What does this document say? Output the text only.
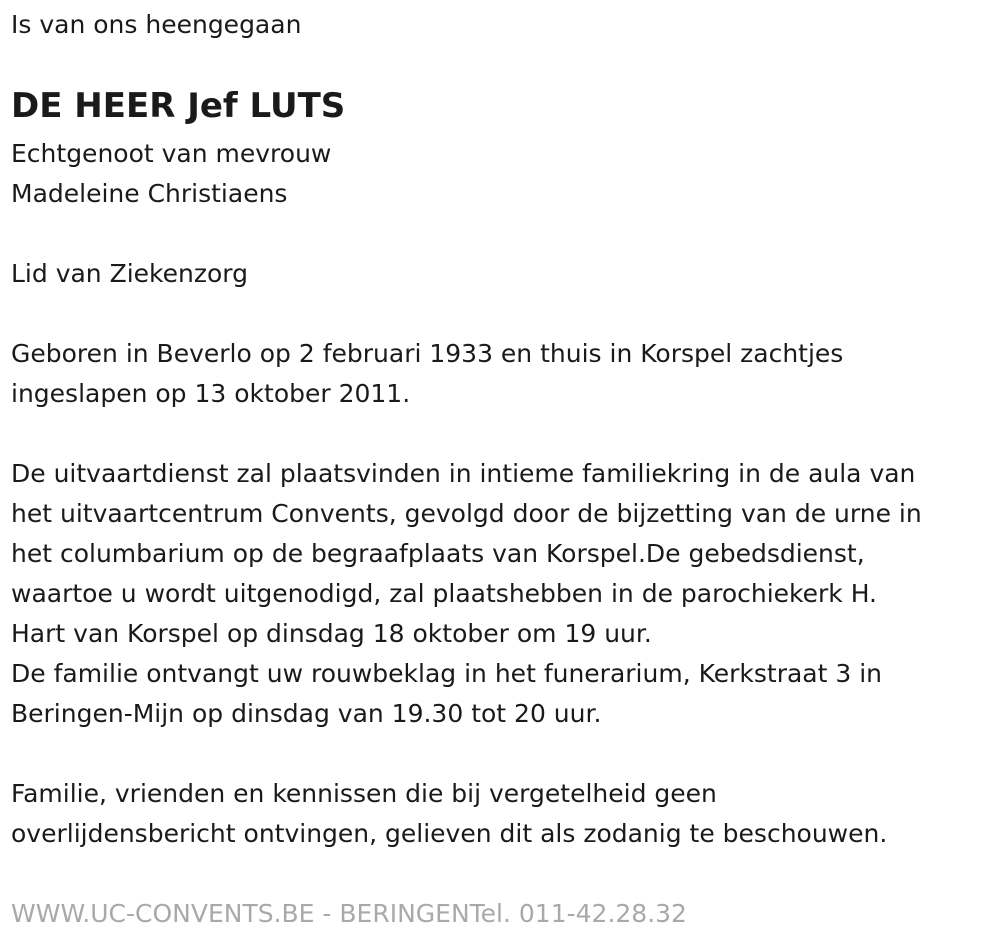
Is van ons heengegaan

DE HEER Jef LUTS

Echtgenoot van mevrouw

Madeleine Christiaens

Lid van Ziekenzorg

Geboren in Beverlo op 2 februari 1933 en thuis in Korspel zachtjes

ingeslapen op 13 oktober 2011.

De uitvaartdienst zal plaatsvinden in intieme familiekring in de aula van

het uitvaartcentrum Convents, gevolgd door de bijzetting van de urne in

het columbarium op de begraafplaats van Korspel.De gebedsdienst,

waartoe u wordt uitgenodigd, zal plaatshebben in de parochiekerk H.

Hart van Korspel op dinsdag 18 oktober om 19 uur.

De familie ontvangt uw rouwbeklag in het funerarium, Kerkstraat 3 in

Beringen-Mijn op dinsdag van 19.30 tot 20 uur.

Familie, vrienden en kennissen die bij vergetelheid geen

overlijdensbericht ontvingen, gelieven dit als zodanig te beschouwen.

WWW.UC-CONVENTS.BE - BERINGENTel. 011-42.28.32
